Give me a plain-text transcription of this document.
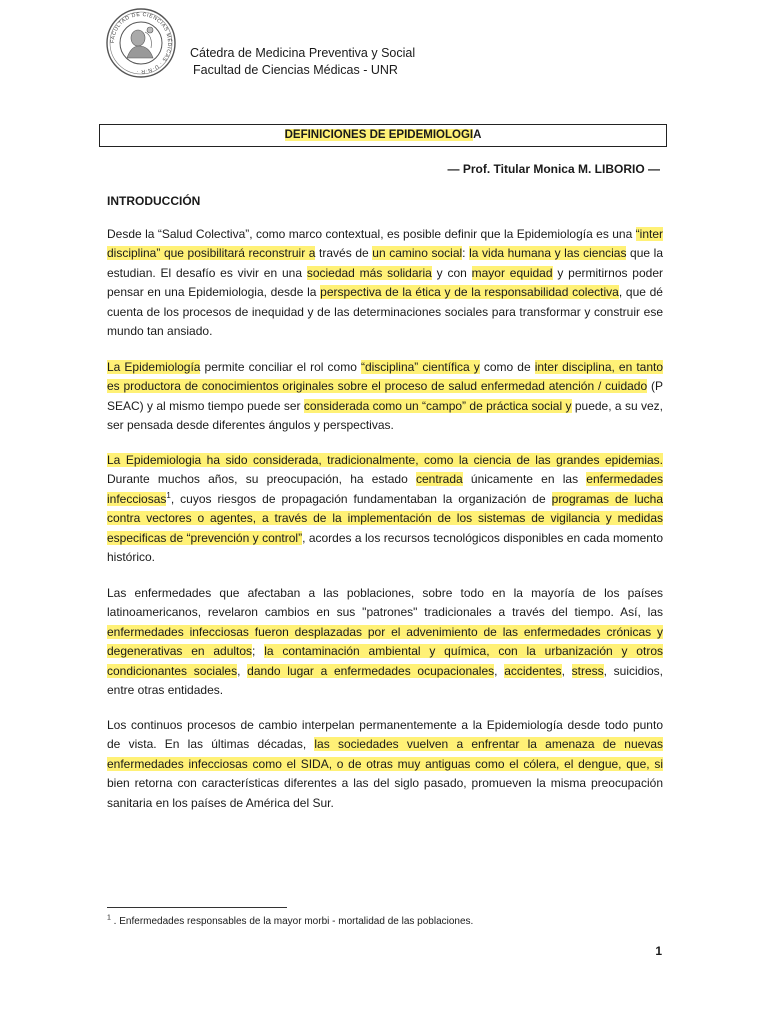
FACULTAD DE CIENCIAS MÉDICAS · U·N·R ·
Cátedra de Medicina Preventiva y Social
Facultad de Ciencias Médicas - UNR
DEFINICIONES DE EPIDEMIOLOGIA
— Prof. Titular Monica M. LIBORIO —
INTRODUCCIÓN
Desde la “Salud Colectiva”, como marco contextual, es posible definir que la Epidemiología es una “inter disciplina” que posibilitará reconstruir a través de un camino social: la vida humana y las ciencias que la estudian. El desafío es vivir en una sociedad más solidaria y con mayor equidad y permitirnos poder pensar en una Epidemiologia, desde la perspectiva de la ética y de la responsabilidad colectiva, que dé cuenta de los procesos de inequidad y de las determinaciones sociales para transformar y construir ese mundo tan ansiado.
La Epidemiología permite conciliar el rol como “disciplina” científica y como de inter disciplina, en tanto es productora de conocimientos originales sobre el proceso de salud enfermedad atención / cuidado (P SEAC) y al mismo tiempo puede ser considerada como un “campo” de práctica social y puede, a su vez, ser pensada desde diferentes ángulos y perspectivas.
La Epidemiologia ha sido considerada, tradicionalmente, como la ciencia de las grandes epidemias. Durante muchos años, su preocupación, ha estado centrada únicamente en las enfermedades infecciosas$^1$, cuyos riesgos de propagación fundamentaban la organización de programas de lucha contra vectores o agentes, a través de la implementación de los sistemas de vigilancia y medidas especificas de “prevención y control”, acordes a los recursos tecnológicos disponibles en cada momento histórico.
Las enfermedades que afectaban a las poblaciones, sobre todo en la mayoría de los países latinoamericanos, revelaron cambios en sus "patrones" tradicionales a través del tiempo. Así, las enfermedades infecciosas fueron desplazadas por el advenimiento de las enfermedades crónicas y degenerativas en adultos; la contaminación ambiental y química, con la urbanización y otros condicionantes sociales, dando lugar a enfermedades ocupacionales, accidentes, stress, suicidios, entre otras entidades.
Los continuos procesos de cambio interpelan permanentemente a la Epidemiología desde todo punto de vista. En las últimas décadas, las sociedades vuelven a enfrentar la amenaza de nuevas enfermedades infecciosas como el SIDA, o de otras muy antiguas como el cólera, el dengue, que, si bien retorna con características diferentes a las del siglo pasado, promueven la misma preocupación sanitaria en los países de América del Sur.
$^1$ . Enfermedades responsables de la mayor morbi - mortalidad de las poblaciones.
1
